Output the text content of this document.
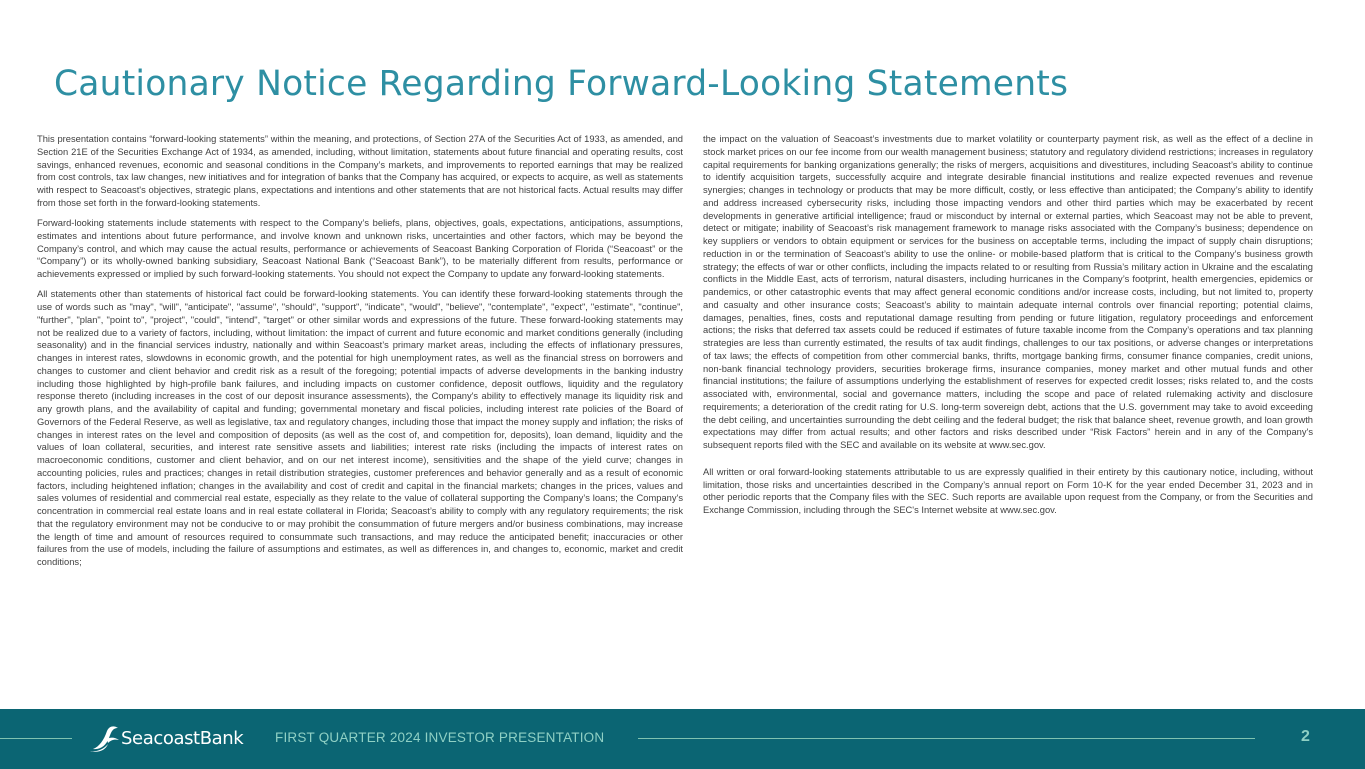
Cautionary Notice Regarding Forward-Looking Statements

This presentation contains “forward-looking statements” within the meaning, and protections, of Section 27A of the Securities Act of 1933, as amended, and Section 21E of the Securities Exchange Act of 1934, as amended, including, without limitation, statements about future financial and operating results, cost savings, enhanced revenues, economic and seasonal conditions in the Company’s markets, and improvements to reported earnings that may be realized from cost controls, tax law changes, new initiatives and for integration of banks that the Company has acquired, or expects to acquire, as well as statements with respect to Seacoast's objectives, strategic plans, expectations and intentions and other statements that are not historical facts. Actual results may differ from those set forth in the forward-looking statements.

Forward-looking statements include statements with respect to the Company’s beliefs, plans, objectives, goals, expectations, anticipations, assumptions, estimates and intentions about future performance, and involve known and unknown risks, uncertainties and other factors, which may be beyond the Company’s control, and which may cause the actual results, performance or achievements of Seacoast Banking Corporation of Florida (“Seacoast” or the “Company”) or its wholly-owned banking subsidiary, Seacoast National Bank (“Seacoast Bank”), to be materially different from results, performance or achievements expressed or implied by such forward-looking statements. You should not expect the Company to update any forward-looking statements.

All statements other than statements of historical fact could be forward-looking statements. You can identify these forward-looking statements through the use of words such as "may", "will", "anticipate", "assume", "should", "support", "indicate", "would", "believe", "contemplate", "expect", "estimate", "continue", "further", "plan", "point to", "project", "could", "intend", "target" or other similar words and expressions of the future. These forward-looking statements may not be realized due to a variety of factors, including, without limitation: the impact of current and future economic and market conditions generally (including seasonality) and in the financial services industry, nationally and within Seacoast’s primary market areas, including the effects of inflationary pressures, changes in interest rates, slowdowns in economic growth, and the potential for high unemployment rates, as well as the financial stress on borrowers and changes to customer and client behavior and credit risk as a result of the foregoing; potential impacts of adverse developments in the banking industry including those highlighted by high-profile bank failures, and including impacts on customer confidence, deposit outflows, liquidity and the regulatory response thereto (including increases in the cost of our deposit insurance assessments), the Company's ability to effectively manage its liquidity risk and any growth plans, and the availability of capital and funding; governmental monetary and fiscal policies, including interest rate policies of the Board of Governors of the Federal Reserve, as well as legislative, tax and regulatory changes, including those that impact the money supply and inflation; the risks of changes in interest rates on the level and composition of deposits (as well as the cost of, and competition for, deposits), loan demand, liquidity and the values of loan collateral, securities, and interest rate sensitive assets and liabilities; interest rate risks (including the impacts of interest rates on macroeconomic conditions, customer and client behavior, and on our net interest income), sensitivities and the shape of the yield curve; changes in accounting policies, rules and practices; changes in retail distribution strategies, customer preferences and behavior generally and as a result of economic factors, including heightened inflation; changes in the availability and cost of credit and capital in the financial markets; changes in the prices, values and sales volumes of residential and commercial real estate, especially as they relate to the value of collateral supporting the Company’s loans; the Company's concentration in commercial real estate loans and in real estate collateral in Florida; Seacoast’s ability to comply with any regulatory requirements; the risk that the regulatory environment may not be conducive to or may prohibit the consummation of future mergers and/or business combinations, may increase the length of time and amount of resources required to consummate such transactions, and may reduce the anticipated benefit; inaccuracies or other failures from the use of models, including the failure of assumptions and estimates, as well as differences in, and changes to, economic, market and credit conditions;

the impact on the valuation of Seacoast’s investments due to market volatility or counterparty payment risk, as well as the effect of a decline in stock market prices on our fee income from our wealth management business; statutory and regulatory dividend restrictions; increases in regulatory capital requirements for banking organizations generally; the risks of mergers, acquisitions and divestitures, including Seacoast’s ability to continue to identify acquisition targets, successfully acquire and integrate desirable financial institutions and realize expected revenues and revenue synergies; changes in technology or products that may be more difficult, costly, or less effective than anticipated; the Company’s ability to identify and address increased cybersecurity risks, including those impacting vendors and other third parties which may be exacerbated by recent developments in generative artificial intelligence; fraud or misconduct by internal or external parties, which Seacoast may not be able to prevent, detect or mitigate; inability of Seacoast’s risk management framework to manage risks associated with the Company’s business; dependence on key suppliers or vendors to obtain equipment or services for the business on acceptable terms, including the impact of supply chain disruptions; reduction in or the termination of Seacoast’s ability to use the online- or mobile-based platform that is critical to the Company’s business growth strategy; the effects of war or other conflicts, including the impacts related to or resulting from Russia’s military action in Ukraine and the escalating conflicts in the Middle East, acts of terrorism, natural disasters, including hurricanes in the Company’s footprint, health emergencies, epidemics or pandemics, or other catastrophic events that may affect general economic conditions and/or increase costs, including, but not limited to, property and casualty and other insurance costs; Seacoast’s ability to maintain adequate internal controls over financial reporting; potential claims, damages, penalties, fines, costs and reputational damage resulting from pending or future litigation, regulatory proceedings and enforcement actions; the risks that deferred tax assets could be reduced if estimates of future taxable income from the Company’s operations and tax planning strategies are less than currently estimated, the results of tax audit findings, challenges to our tax positions, or adverse changes or interpretations of tax laws; the effects of competition from other commercial banks, thrifts, mortgage banking firms, consumer finance companies, credit unions, non-bank financial technology providers, securities brokerage firms, insurance companies, money market and other mutual funds and other financial institutions; the failure of assumptions underlying the establishment of reserves for expected credit losses; risks related to, and the costs associated with, environmental, social and governance matters, including the scope and pace of related rulemaking activity and disclosure requirements; a deterioration of the credit rating for U.S. long-term sovereign debt, actions that the U.S. government may take to avoid exceeding the debt ceiling, and uncertainties surrounding the debt ceiling and the federal budget; the risk that balance sheet, revenue growth, and loan growth expectations may differ from actual results; and other factors and risks described under “Risk Factors” herein and in any of the Company's subsequent reports filed with the SEC and available on its website at www.sec.gov.

All written or oral forward-looking statements attributable to us are expressly qualified in their entirety by this cautionary notice, including, without limitation, those risks and uncertainties described in the Company’s annual report on Form 10-K for the year ended December 31, 2023 and in other periodic reports that the Company files with the SEC. Such reports are available upon request from the Company, or from the Securities and Exchange Commission, including through the SEC's Internet website at www.sec.gov.

SeacoastBank FIRST QUARTER 2024 INVESTOR PRESENTATION	2
